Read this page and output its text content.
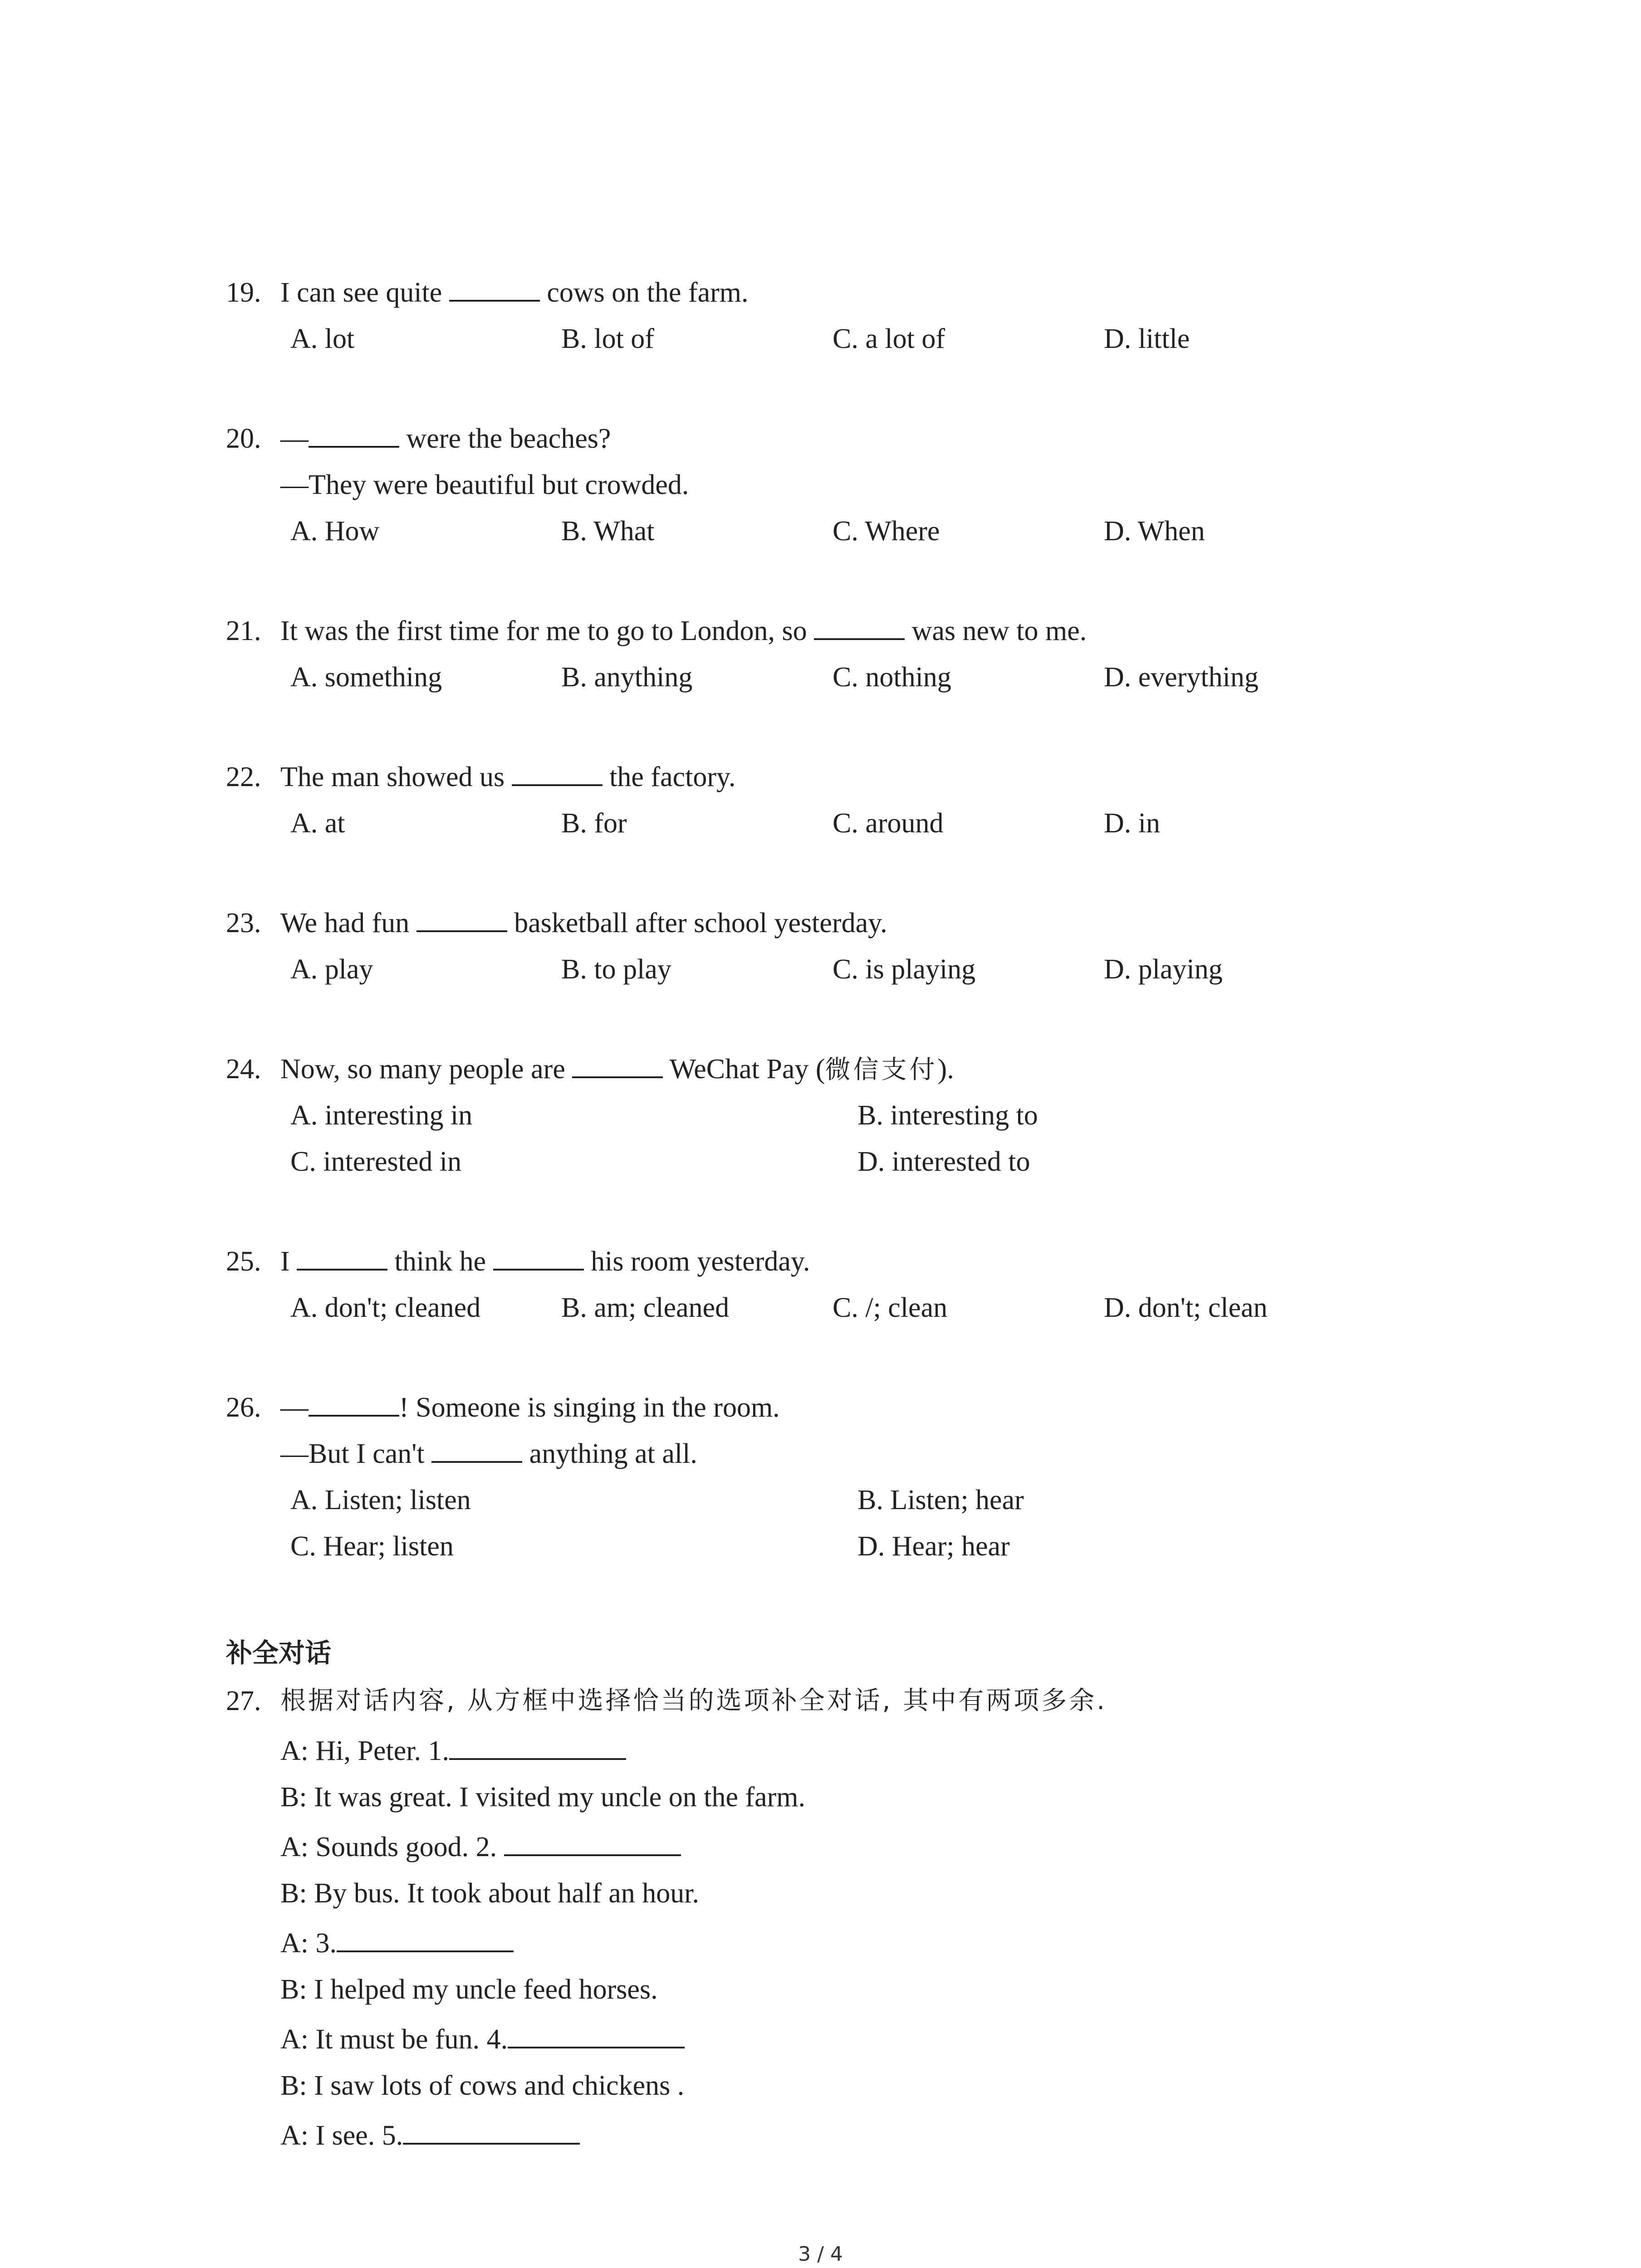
19. I can see quite	cows on the farm.
A. lot	B. lot of	C. a lot of	D. little
20. —	were the beaches?
—They were beautiful but crowded.
A. How	B. What	C. Where	D. When
21. It was the first time for me to go to London, so	was new to me.
A. something	B. anything	C. nothing	D. everything
22. The man showed us	the factory.
A. at	B. for	C. around	D. in
23. We had fun	basketball after school yesterday.
A. play	B. to play	C. is playing	D. playing
24. Now, so many people are	WeChat Pay (微信支付).
A. interesting in	B. interesting to
C. interested in	D. interested to
25. I	think he	his room yesterday.
A. don't; cleaned	B. am; cleaned	C. /; clean	D. don't; clean
26. —	! Someone is singing in the room.
—But I can't	anything at all.
A. Listen; listen	B. Listen; hear
C. Hear; listen	D. Hear; hear
补全对话
27. 根据对话内容, 从方框中选择恰当的选项补全对话, 其中有两项多余.
A: Hi, Peter. 1.
B: It was great. I visited my uncle on the farm.
A: Sounds good. 2.
B: By bus. It took about half an hour.
A: 3.
B: I helped my uncle feed horses.
A: It must be fun. 4.
B: I saw lots of cows and chickens .
A: I see. 5.
3 / 4
